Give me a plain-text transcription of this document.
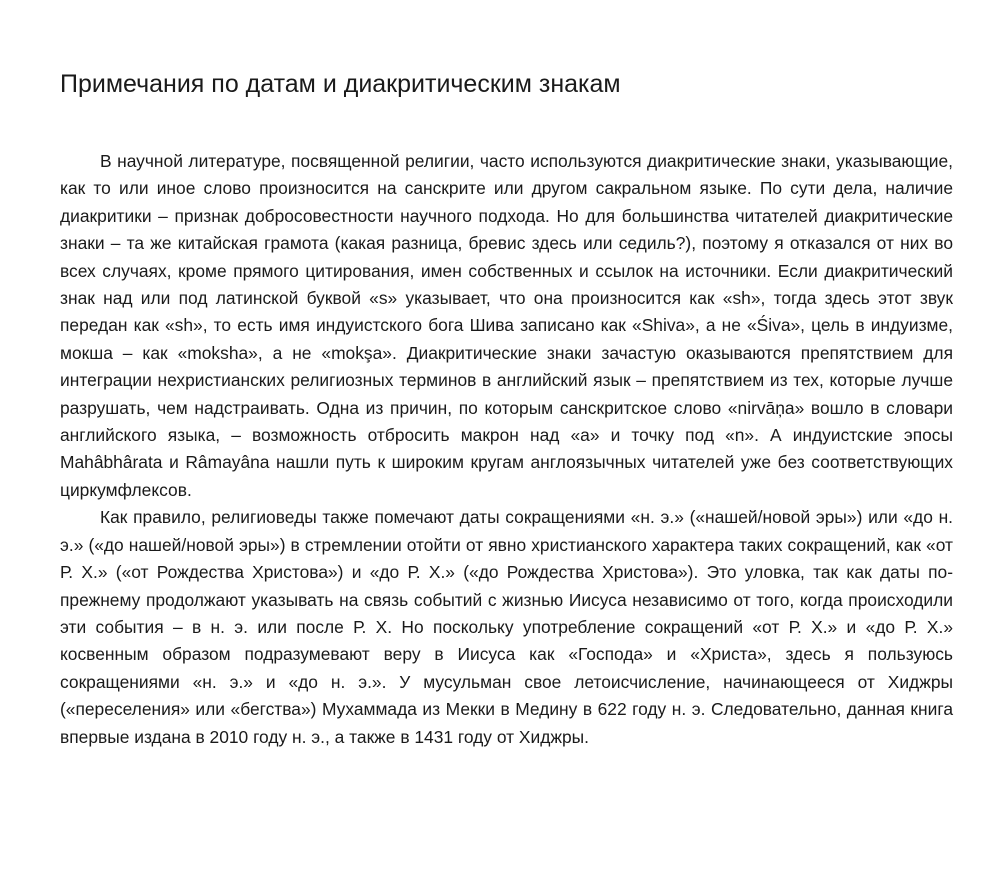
Примечания по датам и диакритическим знакам

В научной литературе, посвященной религии, часто используются диакритические знаки, указывающие, как то или иное слово произносится на санскрите или другом сакральном языке. По сути дела, наличие диакритики – признак добросовестности научного подхода. Но для большинства читателей диакритические знаки – та же китайская грамота (какая разница, бревис здесь или седиль?), поэтому я отказался от них во всех случаях, кроме прямого цитирования, имен собственных и ссылок на источники. Если диакритический знак над или под латинской буквой «s» указывает, что она произносится как «sh», тогда здесь этот звук передан как «sh», то есть имя индуистского бога Шива записано как «Shiva», а не «Śiva», цель в индуизме, мокша – как «moksha», а не «mokşa». Диакритические знаки зачастую оказываются препятствием для интеграции нехристианских религиозных терминов в английский язык – препятствием из тех, которые лучше разрушать, чем надстраивать. Одна из причин, по которым санскритское слово «nirvāņa» вошло в словари английского языка, – возможность отбросить макрон над «а» и точку под «n». А индуистские эпосы Mahâbhârata и Râmayâna нашли путь к широким кругам англоязычных читателей уже без соответствующих циркумфлексов.

Как правило, религиоведы также помечают даты сокращениями «н. э.» («нашей/новой эры») или «до н. э.» («до нашей/новой эры») в стремлении отойти от явно христианского характера таких сокращений, как «от Р. Х.» («от Рождества Христова») и «до Р. Х.» («до Рождества Христова»). Это уловка, так как даты по-прежнему продолжают указывать на связь событий с жизнью Иисуса независимо от того, когда происходили эти события – в н. э. или после Р. Х. Но поскольку употребление сокращений «от Р. Х.» и «до Р. Х.» косвенным образом подразумевают веру в Иисуса как «Господа» и «Христа», здесь я пользуюсь сокращениями «н. э.» и «до н. э.». У мусульман свое летоисчисление, начинающееся от Хиджры («переселения» или «бегства») Мухаммада из Мекки в Медину в 622 году н. э. Следовательно, данная книга впервые издана в 2010 году н. э., а также в 1431 году от Хиджры.
